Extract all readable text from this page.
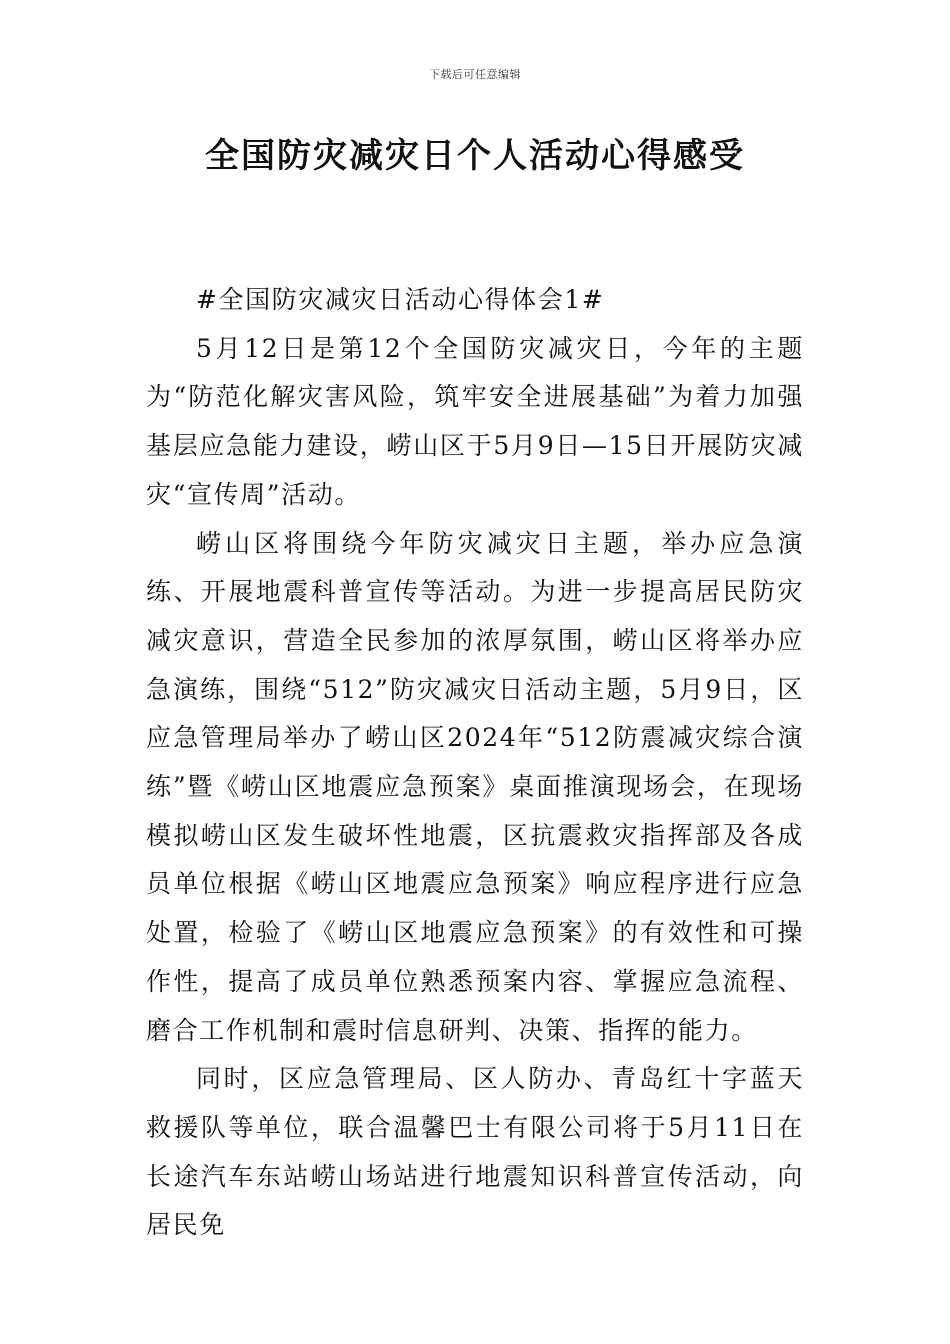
下载后可任意编辑
全国防灾减灾日个人活动心得感受

#全国防灾减灾日活动心得体会1#

5月12日是第12个全国防灾减灾日，今年的主题为“防范化解灾害风险，筑牢安全进展基础”为着力加强基层应急能力建设，崂山区于5月9日—15日开展防灾减灾“宣传周”活动。

崂山区将围绕今年防灾减灾日主题，举办应急演练、开展地震科普宣传等活动。为进一步提高居民防灾减灾意识，营造全民参加的浓厚氛围，崂山区将举办应急演练，围绕“512”防灾减灾日活动主题，5月9日，区应急管理局举办了崂山区2024年“512防震减灾综合演练”暨《崂山区地震应急预案》桌面推演现场会，在现场模拟崂山区发生破坏性地震，区抗震救灾指挥部及各成员单位根据《崂山区地震应急预案》响应程序进行应急处置，检验了《崂山区地震应急预案》的有效性和可操作性，提高了成员单位熟悉预案内容、掌握应急流程、磨合工作机制和震时信息研判、决策、指挥的能力。

同时，区应急管理局、区人防办、青岛红十字蓝天救援队等单位，联合温馨巴士有限公司将于5月11日在长途汽车东站崂山场站进行地震知识科普宣传活动，向居民免
